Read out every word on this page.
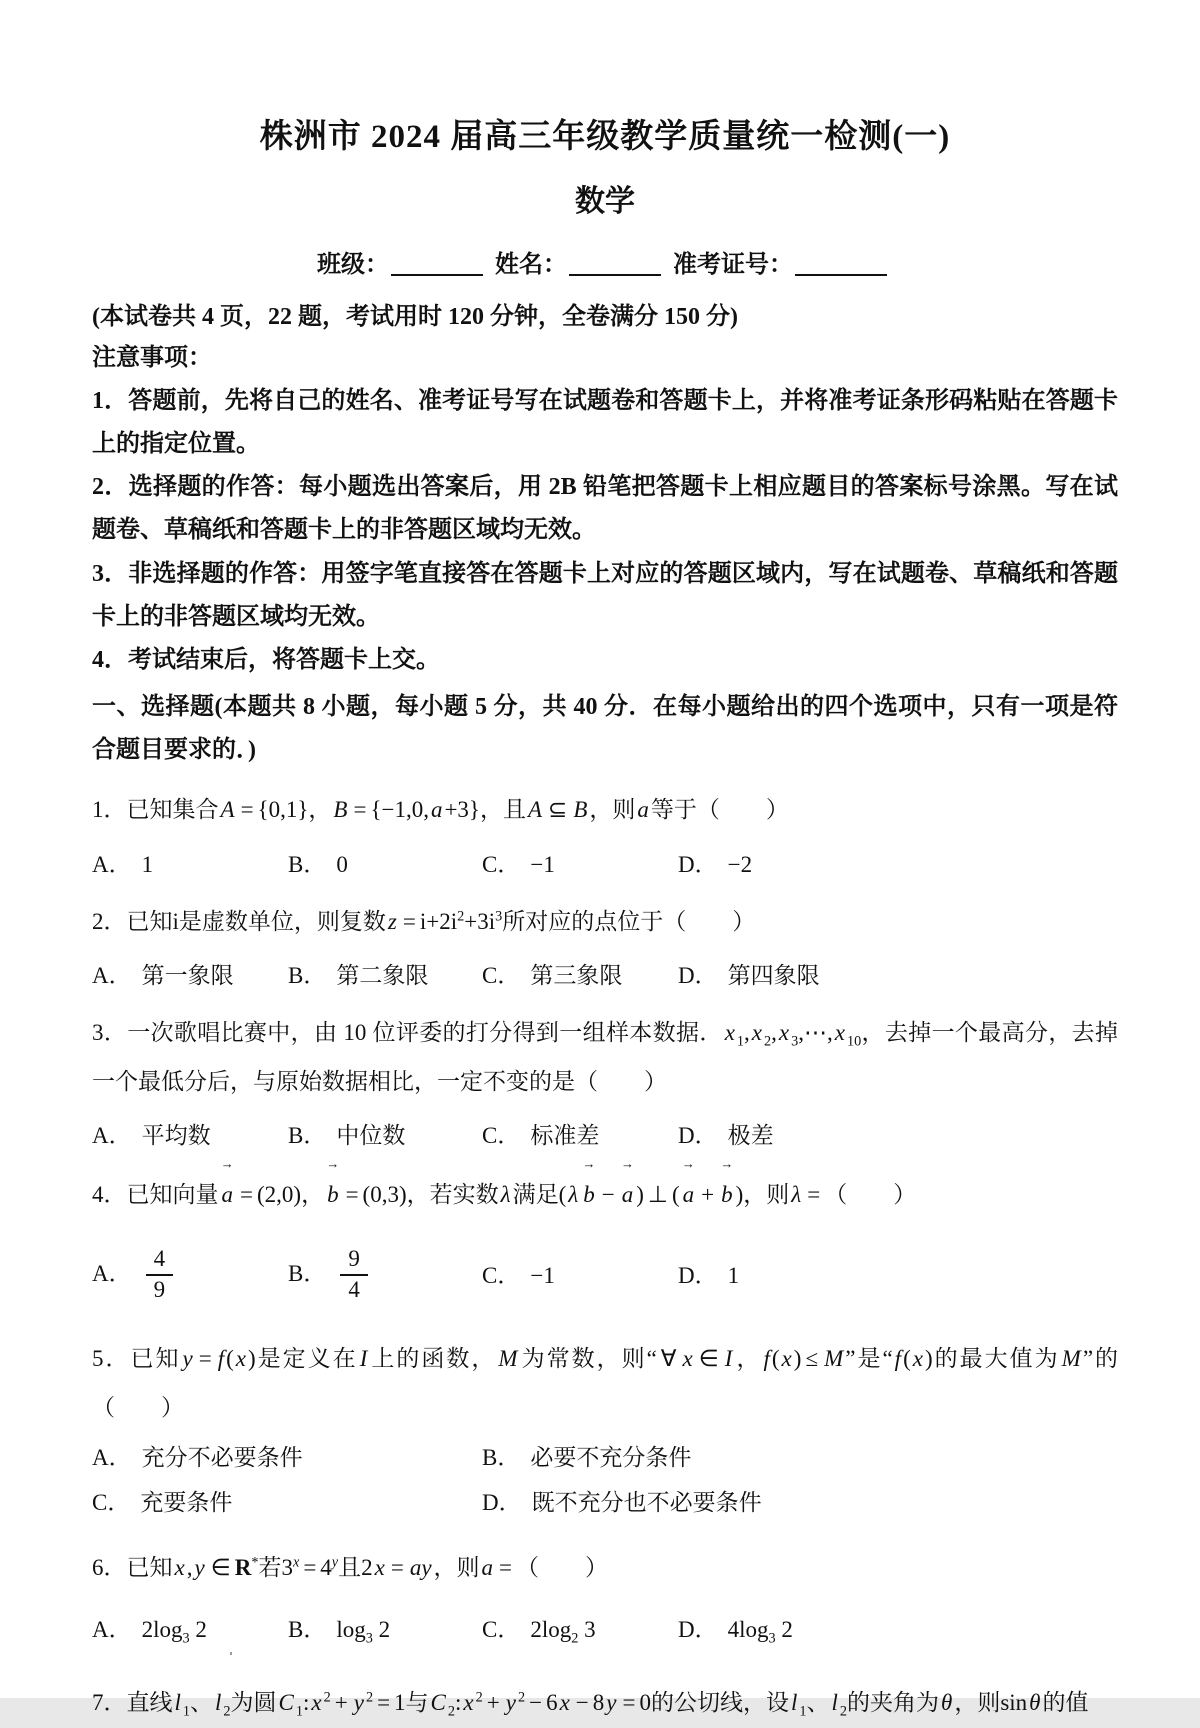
株洲市 2024 届高三年级教学质量统一检测(一)
数学
班级：	姓名：	准考证号：
(本试卷共 4 页，22 题，考试用时 120 分钟，全卷满分 150 分)
注意事项：
1．答题前，先将自己的姓名、准考证号写在试题卷和答题卡上，并将准考证条形码粘贴在答题卡上的指定位置。
2．选择题的作答：每小题选出答案后，用 2B 铅笔把答题卡上相应题目的答案标号涂黑。写在试题卷、草稿纸和答题卡上的非答题区域均无效。
3．非选择题的作答：用签字笔直接答在答题卡上对应的答题区域内，写在试题卷、草稿纸和答题卡上的非答题区域均无效。
4．考试结束后，将答题卡上交。
一、选择题(本题共 8 小题，每小题 5 分，共 40 分．在每小题给出的四个选项中，只有一项是符合题目要求的．)
1．已知集合A = {0,1}，B = {−1,0,a+3}，且A ⊆ B，则a等于（　　）
A． 1	B． 0	C． −1	D． −2
2．已知i是虚数单位，则复数$z = i+2i^2+3i^3$所对应的点位于（　　）
A． 第一象限	B． 第二象限	C． 第三象限	D． 第四象限
3．一次歌唱比赛中，由 10 位评委的打分得到一组样本数据．x $_1$,x $_2$,x $_3$,⋯,x $_{10}$，去掉一个最高分，去掉一个最低分后，与原始数据相比，一定不变的是（　　）
A． 平均数	B． 中位数	C． 标准差	D． 极差
4．已知向量
→
a = (2,0)，
→
b = (0,3)，若实数λ满足(λ
→
b −
→
a ) ⊥ (
→
a +
→
b )，则λ = （　　）
A． $\frac{4}{9}$	B． $\frac{9}{4}$	C． −1	D． 1
5．已知y = f(x)是定义在I上的函数，M为常数，则“ ∀ x ∈ I，f(x) ≤ M”是“f(x)的最大值为M”的（　　）
A． 充分不必要条件	B． 必要不充分条件
C． 充要条件	D． 既不充分也不必要条件
6．已知x,y ∈ R*若$3^x = 4^y$且2x = ay，则a = （　　）
A． $2\log_3$ 2	B． $\log_3 2$	C． $2\log_2$ 3	D． $4\log_3$ 2
7．直线l $_1$、l $_2$为圆C $_1$:x $^2$ + y $^2$ = 1与C $_2$:x $^2$ + y $^2$ − 6x − 8y = 0的公切线，设l $_1$、l $_2$的夹角为θ，则sinθ的值
